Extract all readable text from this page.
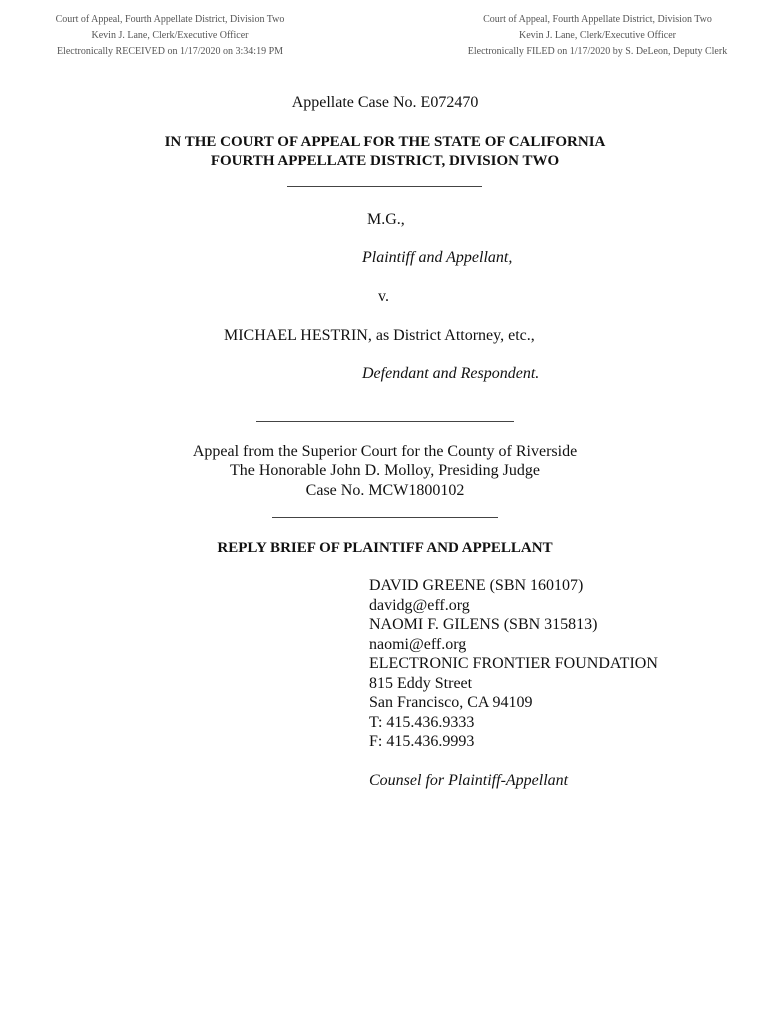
Court of Appeal, Fourth Appellate District, Division Two
Kevin J. Lane, Clerk/Executive Officer
Electronically RECEIVED on 1/17/2020 on 3:34:19 PM
Court of Appeal, Fourth Appellate District, Division Two
Kevin J. Lane, Clerk/Executive Officer
Electronically FILED on 1/17/2020 by S. DeLeon, Deputy Clerk
Appellate Case No. E072470
IN THE COURT OF APPEAL FOR THE STATE OF CALIFORNIA
FOURTH APPELLATE DISTRICT, DIVISION TWO
M.G.,
Plaintiff and Appellant,
v.
MICHAEL HESTRIN, as District Attorney, etc.,
Defendant and Respondent.
Appeal from the Superior Court for the County of Riverside
The Honorable John D. Molloy, Presiding Judge
Case No. MCW1800102
REPLY BRIEF OF PLAINTIFF AND APPELLANT
DAVID GREENE (SBN 160107)
davidg@eff.org
NAOMI F. GILENS (SBN 315813)
naomi@eff.org
ELECTRONIC FRONTIER FOUNDATION
815 Eddy Street
San Francisco, CA 94109
T: 415.436.9333
F: 415.436.9993
Counsel for Plaintiff-Appellant
